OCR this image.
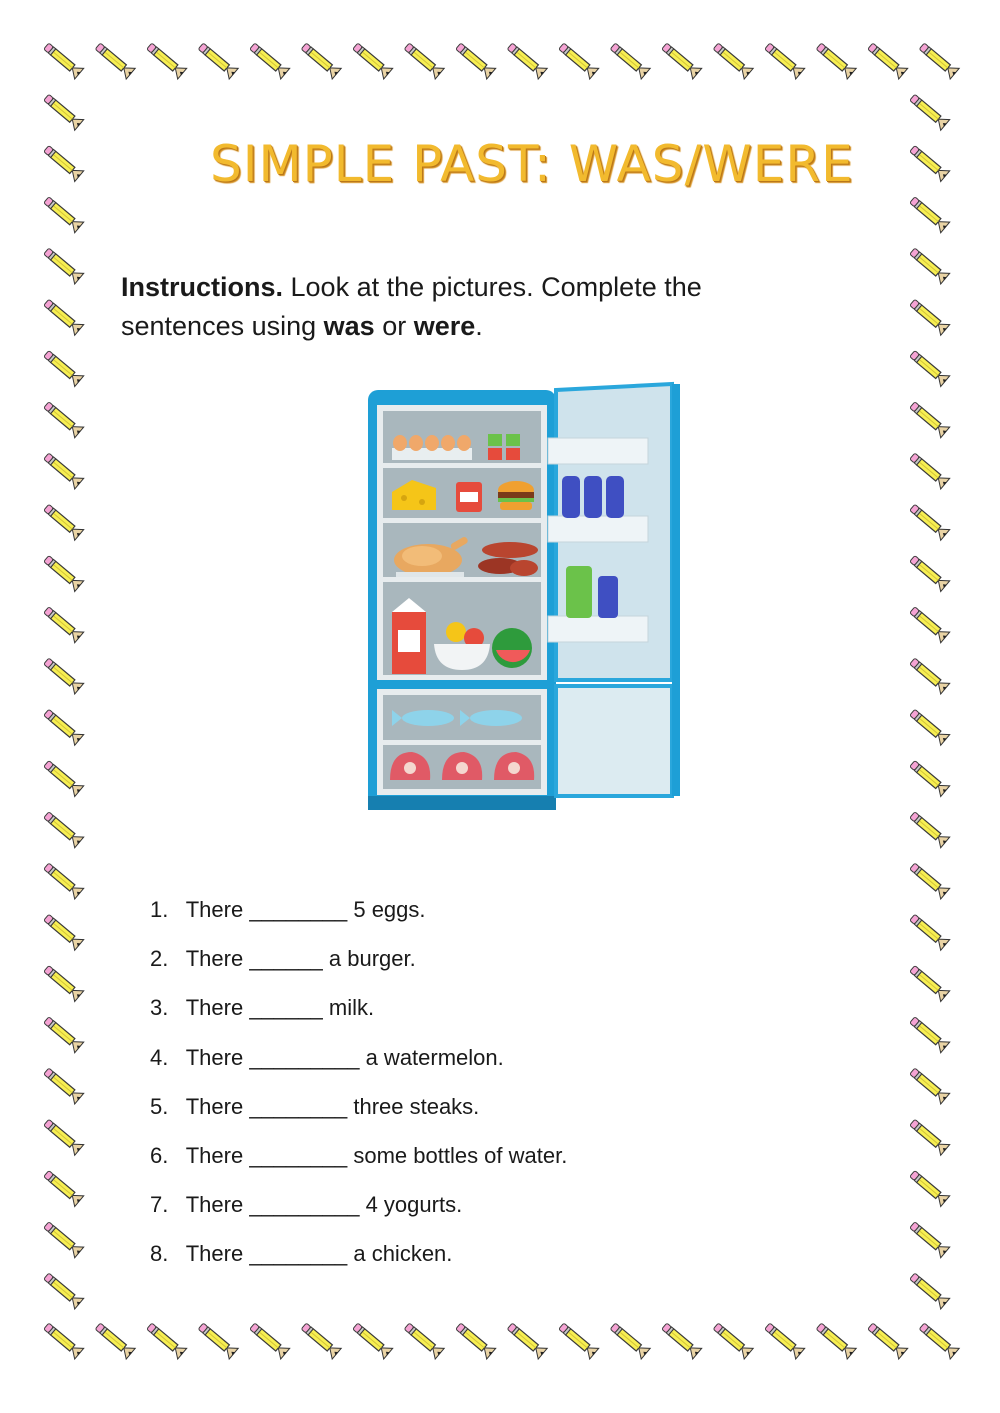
SIMPLE PAST: WAS/WERE
Instructions. Look at the pictures. Complete the sentences using was or were.
1. There ________ 5 eggs.
2. There ______ a burger.
3. There ______ milk.
4. There _________ a watermelon.
5. There ________ three steaks.
6. There ________ some bottles of water.
7. There _________ 4 yogurts.
8. There ________ a chicken.
